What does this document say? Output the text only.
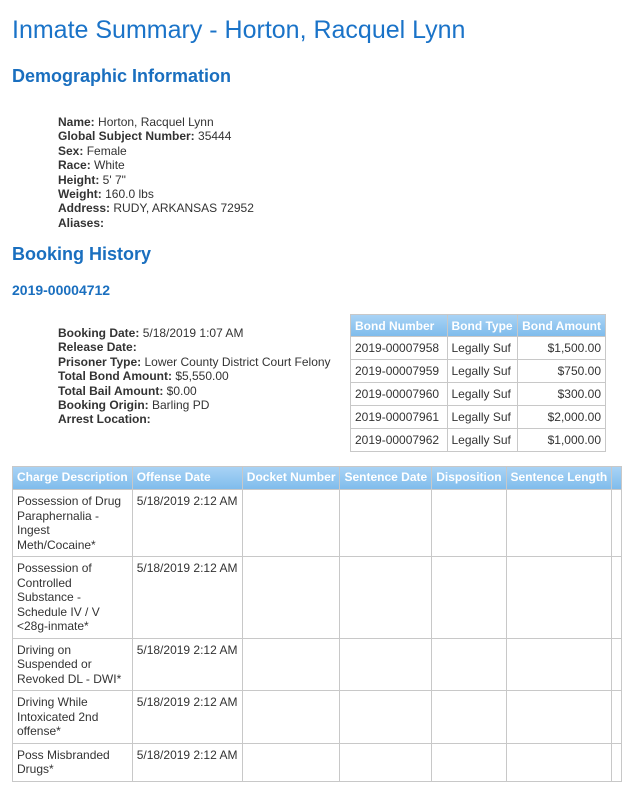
Inmate Summary - Horton, Racquel Lynn
Demographic Information
Name: Horton, Racquel Lynn
Global Subject Number: 35444
Sex: Female
Race: White
Height: 5' 7"
Weight: 160.0 lbs
Address: RUDY, ARKANSAS 72952
Aliases:
Booking History
2019-00004712
Booking Date: 5/18/2019 1:07 AM
Release Date:
Prisoner Type: Lower County District Court Felony
Total Bond Amount: $5,550.00
Total Bail Amount: $0.00
Booking Origin: Barling PD
Arrest Location:
Bond Number	Bond Type	Bond Amount
2019-00007958	Legally Suf	$1,500.00
2019-00007959	Legally Suf	$750.00
2019-00007960	Legally Suf	$300.00
2019-00007961	Legally Suf	$2,000.00
2019-00007962	Legally Suf	$1,000.00
Charge Description	Offense Date	Docket Number	Sentence Date	Disposition	Sentence Length	
Possession of Drug Paraphernalia - Ingest Meth/Cocaine*	5/18/2019 2:12 AM					
Possession of Controlled Substance - Schedule IV / V <28g-inmate*	5/18/2019 2:12 AM					
Driving on Suspended or Revoked DL - DWI*	5/18/2019 2:12 AM					
Driving While Intoxicated 2nd offense*	5/18/2019 2:12 AM					
Poss Misbranded Drugs*	5/18/2019 2:12 AM					
